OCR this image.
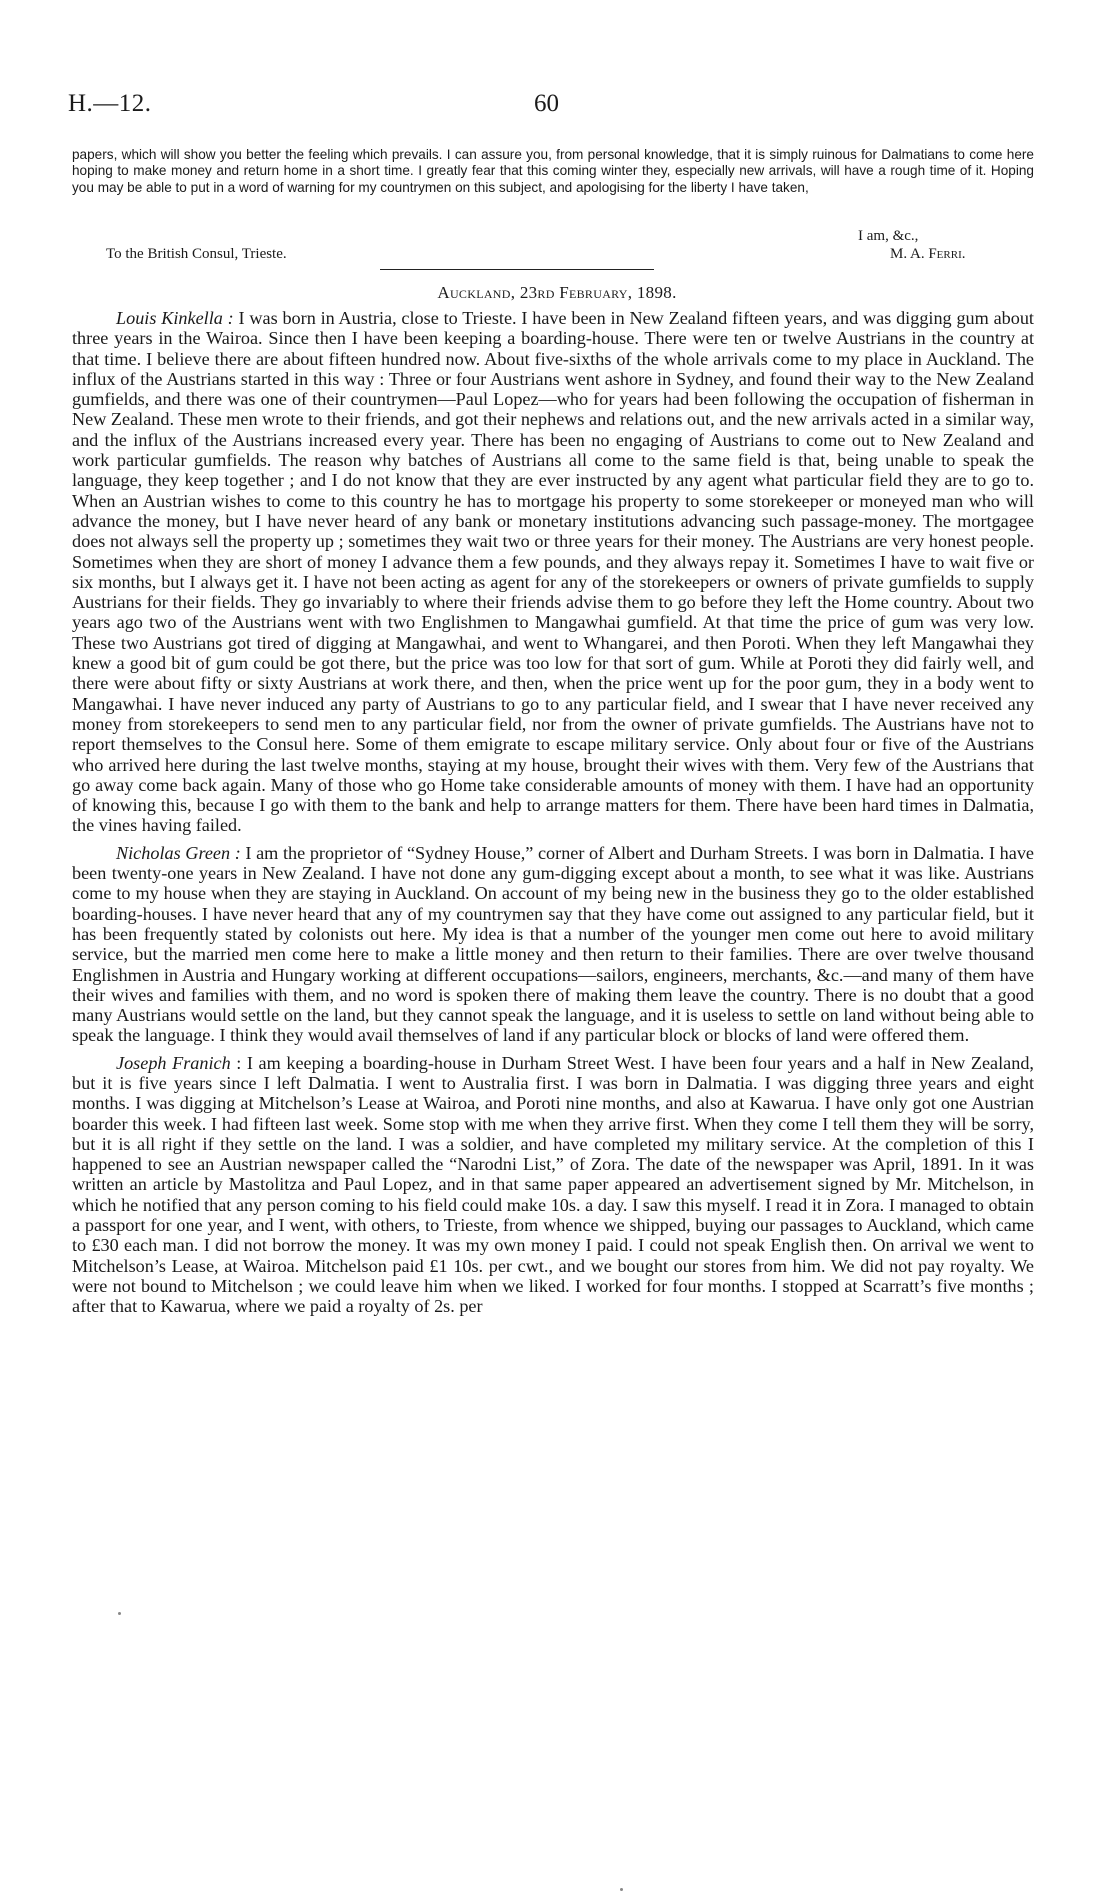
H.—12.	60

papers, which will show you better the feeling which prevails. I can assure you, from personal knowledge, that it is simply ruinous for Dalmatians to come here hoping to make money and return home in a short time. I greatly fear that this coming winter they, especially new arrivals, will have a rough time of it. Hoping you may be able to put in a word of warning for my countrymen on this subject, and apologising for the liberty I have taken,

I am, &c.,
To the British Consul, Trieste.	M. A. Ferri.
Auckland, 23rd February, 1898.

Louis Kinkella : I was born in Austria, close to Trieste. I have been in New Zealand fifteen years, and was digging gum about three years in the Wairoa. Since then I have been keeping a boarding-house. There were ten or twelve Austrians in the country at that time. I believe there are about fifteen hundred now. About five-sixths of the whole arrivals come to my place in Auckland. The influx of the Austrians started in this way : Three or four Austrians went ashore in Sydney, and found their way to the New Zealand gumfields, and there was one of their countrymen—Paul Lopez—who for years had been following the occupation of fisherman in New Zealand. These men wrote to their friends, and got their nephews and relations out, and the new arrivals acted in a similar way, and the influx of the Austrians increased every year. There has been no engaging of Austrians to come out to New Zealand and work particular gumfields. The reason why batches of Austrians all come to the same field is that, being unable to speak the language, they keep together ; and I do not know that they are ever instructed by any agent what particular field they are to go to. When an Austrian wishes to come to this country he has to mortgage his property to some storekeeper or moneyed man who will advance the money, but I have never heard of any bank or monetary institutions advancing such passage-money. The mortgagee does not always sell the property up ; sometimes they wait two or three years for their money. The Austrians are very honest people. Sometimes when they are short of money I advance them a few pounds, and they always repay it. Sometimes I have to wait five or six months, but I always get it. I have not been acting as agent for any of the storekeepers or owners of private gumfields to supply Austrians for their fields. They go invariably to where their friends advise them to go before they left the Home country. About two years ago two of the Austrians went with two Englishmen to Mangawhai gumfield. At that time the price of gum was very low. These two Austrians got tired of digging at Mangawhai, and went to Whangarei, and then Poroti. When they left Mangawhai they knew a good bit of gum could be got there, but the price was too low for that sort of gum. While at Poroti they did fairly well, and there were about fifty or sixty Austrians at work there, and then, when the price went up for the poor gum, they in a body went to Mangawhai. I have never induced any party of Austrians to go to any particular field, and I swear that I have never received any money from storekeepers to send men to any particular field, nor from the owner of private gumfields. The Austrians have not to report themselves to the Consul here. Some of them emigrate to escape military service. Only about four or five of the Austrians who arrived here during the last twelve months, staying at my house, brought their wives with them. Very few of the Austrians that go away come back again. Many of those who go Home take considerable amounts of money with them. I have had an opportunity of knowing this, because I go with them to the bank and help to arrange matters for them. There have been hard times in Dalmatia, the vines having failed.

Nicholas Green : I am the proprietor of “Sydney House,” corner of Albert and Durham Streets. I was born in Dalmatia. I have been twenty-one years in New Zealand. I have not done any gum-digging except about a month, to see what it was like. Austrians come to my house when they are staying in Auckland. On account of my being new in the business they go to the older established boarding-houses. I have never heard that any of my countrymen say that they have come out assigned to any particular field, but it has been frequently stated by colonists out here. My idea is that a number of the younger men come out here to avoid military service, but the married men come here to make a little money and then return to their families. There are over twelve thousand Englishmen in Austria and Hungary working at different occupations—sailors, engineers, merchants, &c.—and many of them have their wives and families with them, and no word is spoken there of making them leave the country. There is no doubt that a good many Austrians would settle on the land, but they cannot speak the language, and it is useless to settle on land without being able to speak the language. I think they would avail themselves of land if any particular block or blocks of land were offered them.

Joseph Franich : I am keeping a boarding-house in Durham Street West. I have been four years and a half in New Zealand, but it is five years since I left Dalmatia. I went to Australia first. I was born in Dalmatia. I was digging three years and eight months. I was digging at Mitchelson’s Lease at Wairoa, and Poroti nine months, and also at Kawarua. I have only got one Austrian boarder this week. I had fifteen last week. Some stop with me when they arrive first. When they come I tell them they will be sorry, but it is all right if they settle on the land. I was a soldier, and have completed my military service. At the completion of this I happened to see an Austrian newspaper called the “Narodni List,” of Zora. The date of the newspaper was April, 1891. In it was written an article by Mastolitza and Paul Lopez, and in that same paper appeared an advertisement signed by Mr. Mitchelson, in which he notified that any person coming to his field could make 10s. a day. I saw this myself. I read it in Zora. I managed to obtain a passport for one year, and I went, with others, to Trieste, from whence we shipped, buying our passages to Auckland, which came to £30 each man. I did not borrow the money. It was my own money I paid. I could not speak English then. On arrival we went to Mitchelson’s Lease, at Wairoa. Mitchelson paid £1 10s. per cwt., and we bought our stores from him. We did not pay royalty. We were not bound to Mitchelson ; we could leave him when we liked. I worked for four months. I stopped at Scarratt’s five months ; after that to Kawarua, where we paid a royalty of 2s. per
